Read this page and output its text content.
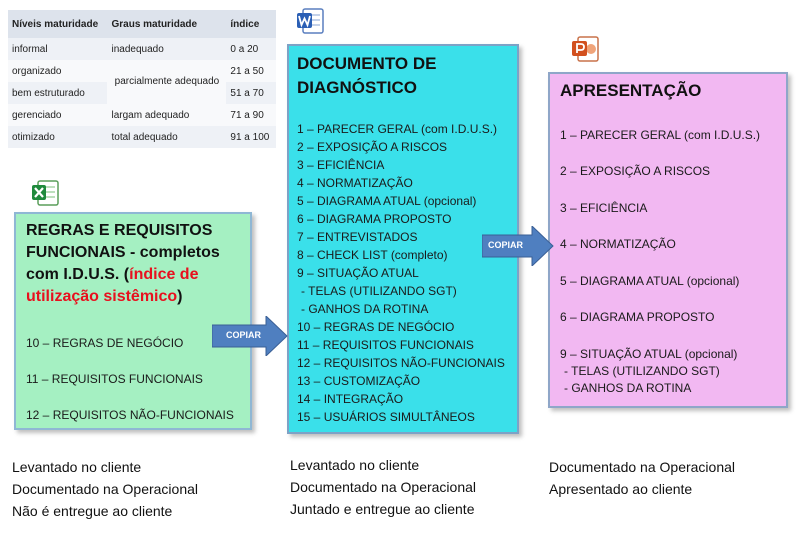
Níveis maturidade	Graus maturidade	índice
informal	inadequado	0 a 20
organizado	parcialmente adequado	21 a 50
bem estruturado		51 a 70
gerenciado	largam adequado	71 a 90
otimizado	total adequado	91 a 100
REGRAS E REQUISITOS FUNCIONAIS - completos com I.D.U.S. (índice de utilização sistêmico)
10 – REGRAS DE NEGÓCIO
11 – REQUISITOS FUNCIONAIS
12 – REQUISITOS NÃO-FUNCIONAIS
DOCUMENTO DE
DIAGNÓSTICO
1 – PARECER GERAL (com I.D.U.S.)
2 – EXPOSIÇÃO A RISCOS
3 – EFICIÊNCIA
4 – NORMATIZAÇÃO
5 – DIAGRAMA ATUAL (opcional)
6 – DIAGRAMA PROPOSTO
7 – ENTREVISTADOS
8 – CHECK LIST (completo)
9 – SITUAÇÃO ATUAL
- TELAS (UTILIZANDO SGT)
- GANHOS DA ROTINA
10 – REGRAS DE NEGÓCIO
11 – REQUISITOS FUNCIONAIS
12 – REQUISITOS NÃO-FUNCIONAIS
13 – CUSTOMIZAÇÃO
14 – INTEGRAÇÃO
15 – USUÁRIOS SIMULTÂNEOS
APRESENTAÇÃO
1 – PARECER GERAL (com I.D.U.S.)
2 – EXPOSIÇÃO A RISCOS
3 – EFICIÊNCIA
4 – NORMATIZAÇÃO
5 – DIAGRAMA ATUAL (opcional)
6 – DIAGRAMA PROPOSTO
9 – SITUAÇÃO ATUAL (opcional)
- TELAS (UTILIZANDO SGT)
- GANHOS DA ROTINA
COPIAR
COPIAR
Levantado no cliente
Documentado na Operacional
Não é entregue ao cliente
Levantado no cliente
Documentado na Operacional
Juntado e entregue ao cliente
Documentado na Operacional
Apresentado ao cliente
